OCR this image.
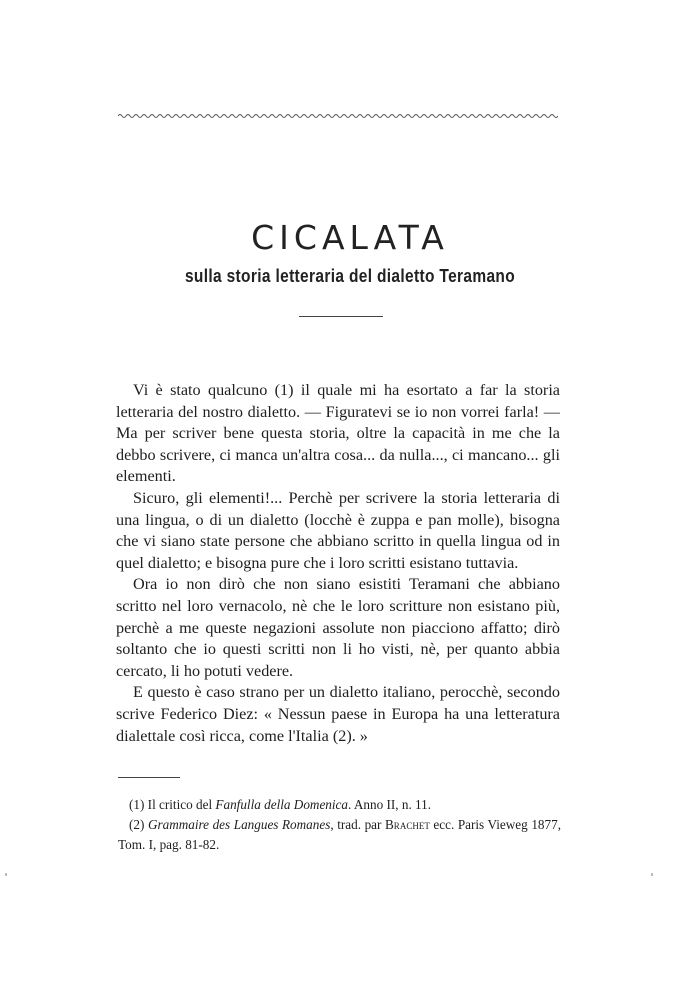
CICALATA
sulla storia letteraria del dialetto Teramano

Vi è stato qualcuno (1) il quale mi ha esortato a far la storia letteraria del nostro dialetto. — Figuratevi se io non vorrei farla! — Ma per scriver bene questa storia, oltre la capacità in me che la debbo scrivere, ci manca un'altra cosa... da nulla..., ci mancano... gli elementi.

Sicuro, gli elementi!... Perchè per scrivere la storia letteraria di una lingua, o di un dialetto (locchè è zuppa e pan molle), bisogna che vi siano state persone che abbiano scritto in quella lingua od in quel dialetto; e bisogna pure che i loro scritti esistano tuttavia.

Ora io non dirò che non siano esistiti Teramani che abbiano scritto nel loro vernacolo, nè che le loro scritture non esistano più, perchè a me queste negazioni assolute non piacciono affatto; dirò soltanto che io questi scritti non li ho visti, nè, per quanto abbia cercato, li ho potuti vedere.

E questo è caso strano per un dialetto italiano, perocchè, secondo scrive Federico Diez: « Nessun paese in Europa ha una letteratura dialettale così ricca, come l'Italia (2). »

(1) Il critico del Fanfulla della Domenica. Anno II, n. 11.

(2) Grammaire des Langues Romanes, trad. par Brachet ecc. Paris Vieweg 1877, Tom. I, pag. 81-82.
